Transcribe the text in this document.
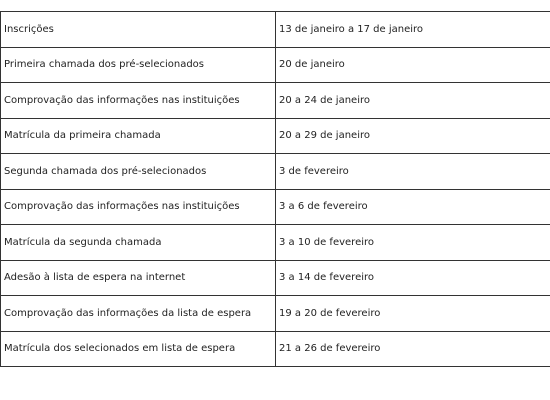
Inscrições	13 de janeiro a 17 de janeiro
Primeira chamada dos pré-selecionados	20 de janeiro
Comprovação das informações nas instituições	20 a 24 de janeiro
Matrícula da primeira chamada	20 a 29 de janeiro
Segunda chamada dos pré-selecionados	3 de fevereiro
Comprovação das informações nas instituições	3 a 6 de fevereiro
Matrícula da segunda chamada	3 a 10 de fevereiro
Adesão à lista de espera na internet	3 a 14 de fevereiro
Comprovação das informações da lista de espera	19 a 20 de fevereiro
Matrícula dos selecionados em lista de espera	21 a 26 de fevereiro
